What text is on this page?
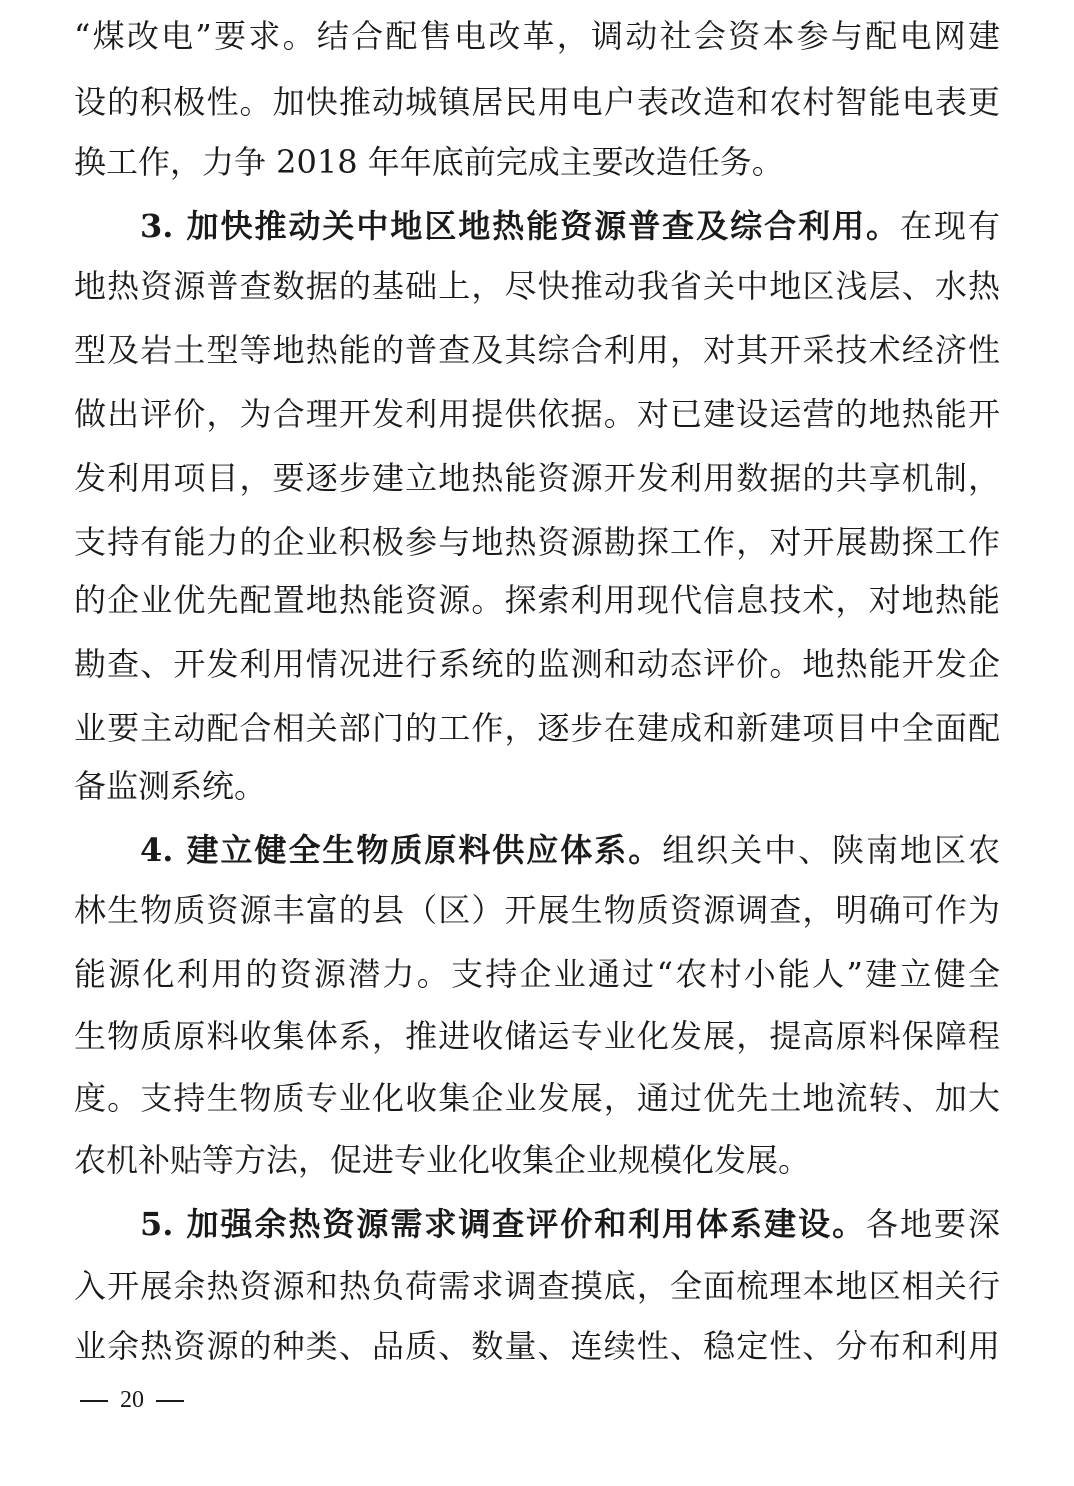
“煤改电”要求。结合配售电改革，调动社会资本参与配电网建
设的积极性。加快推动城镇居民用电户表改造和农村智能电表更
换工作，力争 2018 年年底前完成主要改造任务。
3. 加快推动关中地区地热能资源普查及综合利用。在现有
地热资源普查数据的基础上，尽快推动我省关中地区浅层、水热
型及岩土型等地热能的普查及其综合利用，对其开采技术经济性
做出评价，为合理开发利用提供依据。对已建设运营的地热能开
发利用项目，要逐步建立地热能资源开发利用数据的共享机制，
支持有能力的企业积极参与地热资源勘探工作，对开展勘探工作
的企业优先配置地热能资源。探索利用现代信息技术，对地热能
勘查、开发利用情况进行系统的监测和动态评价。地热能开发企
业要主动配合相关部门的工作，逐步在建成和新建项目中全面配
备监测系统。
4. 建立健全生物质原料供应体系。组织关中、陕南地区农
林生物质资源丰富的县（区）开展生物质资源调查，明确可作为
能源化利用的资源潜力。支持企业通过“农村小能人”建立健全
生物质原料收集体系，推进收储运专业化发展，提高原料保障程
度。支持生物质专业化收集企业发展，通过优先土地流转、加大
农机补贴等方法，促进专业化收集企业规模化发展。
5. 加强余热资源需求调查评价和利用体系建设。各地要深
入开展余热资源和热负荷需求调查摸底，全面梳理本地区相关行
业余热资源的种类、品质、数量、连续性、稳定性、分布和利用
20
